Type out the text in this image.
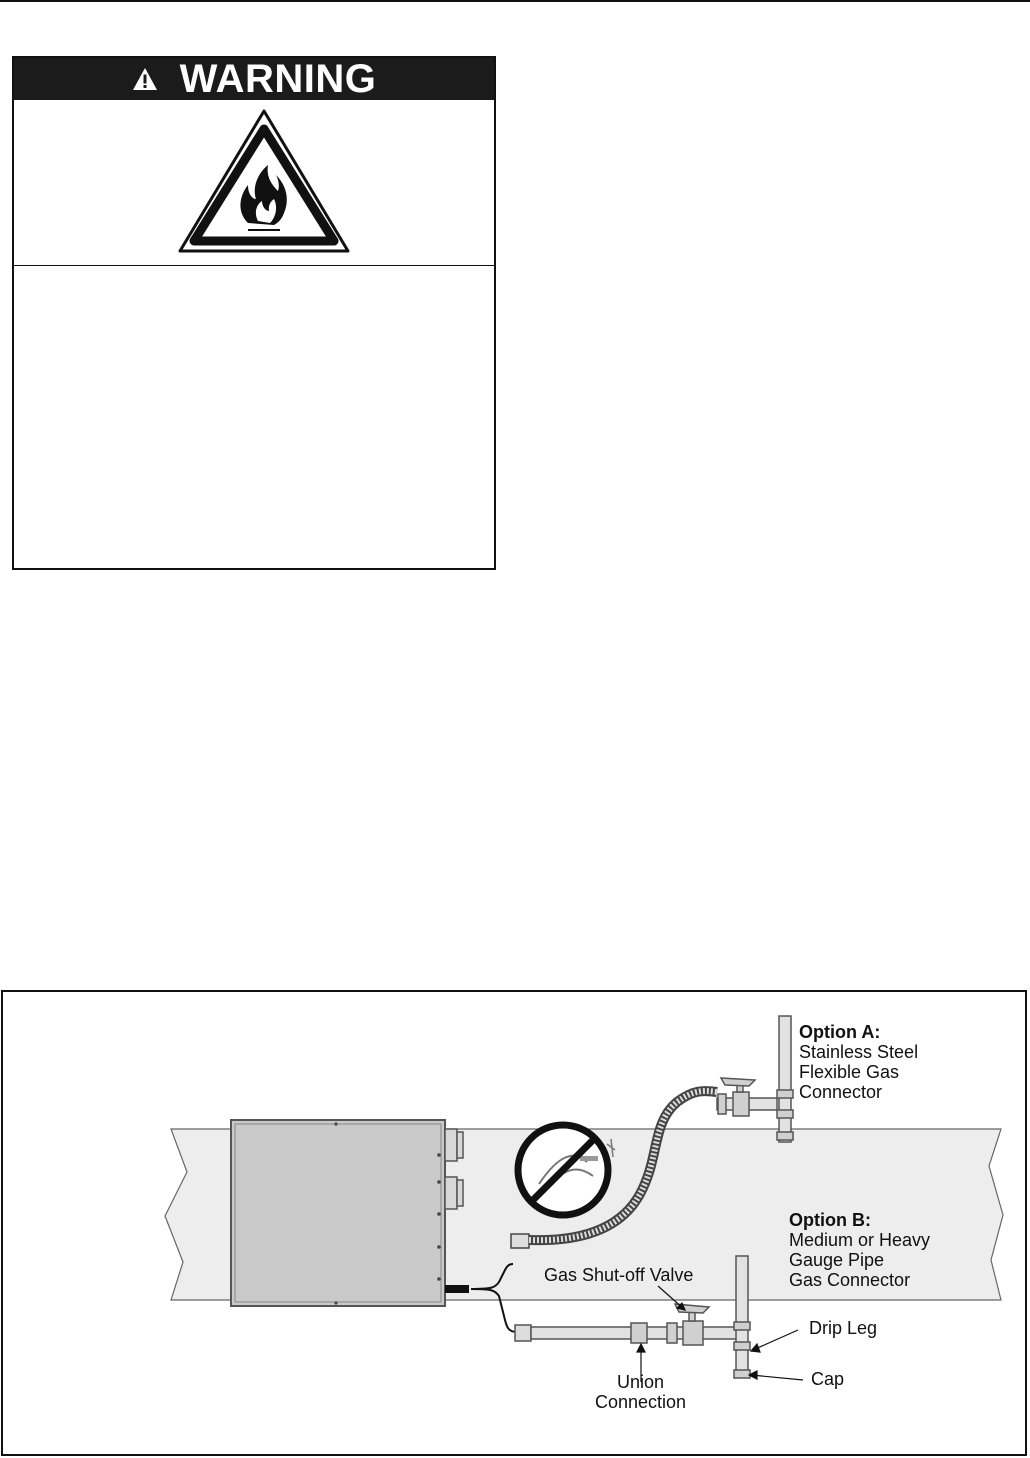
WARNING
Option A:
Stainless Steel
Flexible Gas
Connector
Option B:
Medium or Heavy
Gauge Pipe
Gas Connector
Gas Shut-off Valve
Union
Connection
Drip Leg
Cap
